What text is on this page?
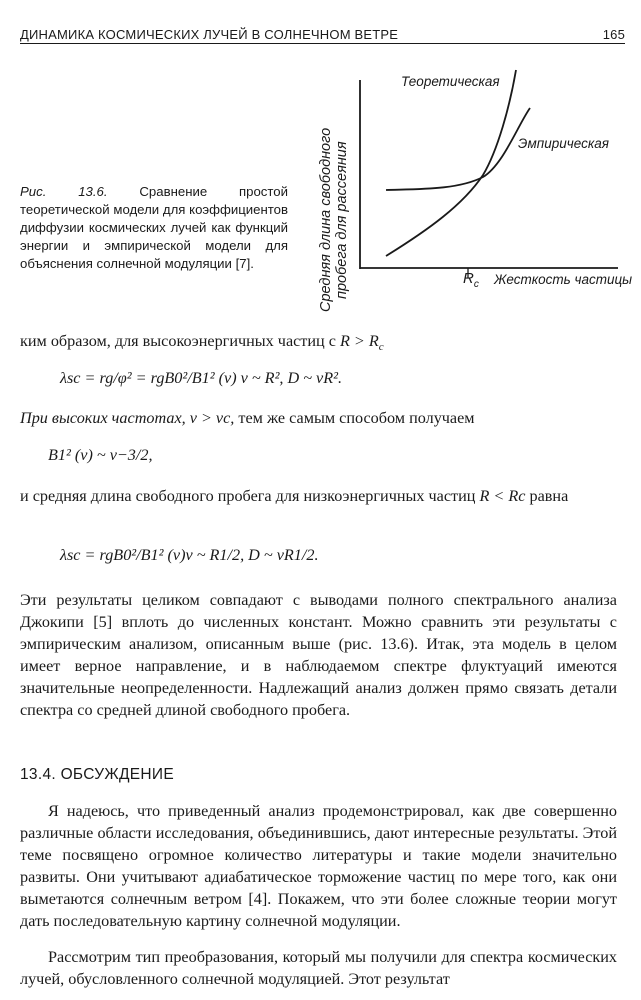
ДИНАМИКА КОСМИЧЕСКИХ ЛУЧЕЙ В СОЛНЕЧНОМ ВЕТРЕ	165
Рис. 13.6. Сравнение простой теоретической модели для коэффициентов диффузии космических лучей как функций энергии и эмпирической модели для объяснения солнечной модуляции [7].	Средняя длина свободного пробега для рассеяния
Теоретическая
Эмпирическая
$R_c$ Жесткость частицы
ким образом, для высокоэнергичных частиц с $R > R_c$
λsc = rg/φ² = rgB0²/B1² (ν) ν ~ R², D ~ νR².
При высоких частотах, ν > νc, тем же самым способом получаем
B1² (ν) ~ ν−3/2,
и средняя длина свободного пробега для низкоэнергичных частиц R < Rc равна
λsc = rgB0²/B1² (ν)ν ~ R1/2, D ~ νR1/2.
Эти результаты целиком совпадают с выводами полного спектрального анализа Джокипи [5] вплоть до численных констант. Можно сравнить эти результаты с эмпирическим анализом, описанным выше (рис. 13.6). Итак, эта модель в целом имеет верное направление, и в наблюдаемом спектре флуктуаций имеются значительные неопределенности. Надлежащий анализ должен прямо связать детали спектра со средней длиной свободного пробега.
13.4. ОБСУЖДЕНИЕ
Я надеюсь, что приведенный анализ продемонстрировал, как две совершенно различные области исследования, объединившись, дают интересные результаты. Этой теме посвящено огромное количество литературы и такие модели значительно развиты. Они учитывают адиабатическое торможение частиц по мере того, как они выметаются солнечным ветром [4]. Покажем, что эти более сложные теории могут дать последовательную картину солнечной модуляции.
Рассмотрим тип преобразования, который мы получили для спектра космических лучей, обусловленного солнечной модуляцией. Этот результат
